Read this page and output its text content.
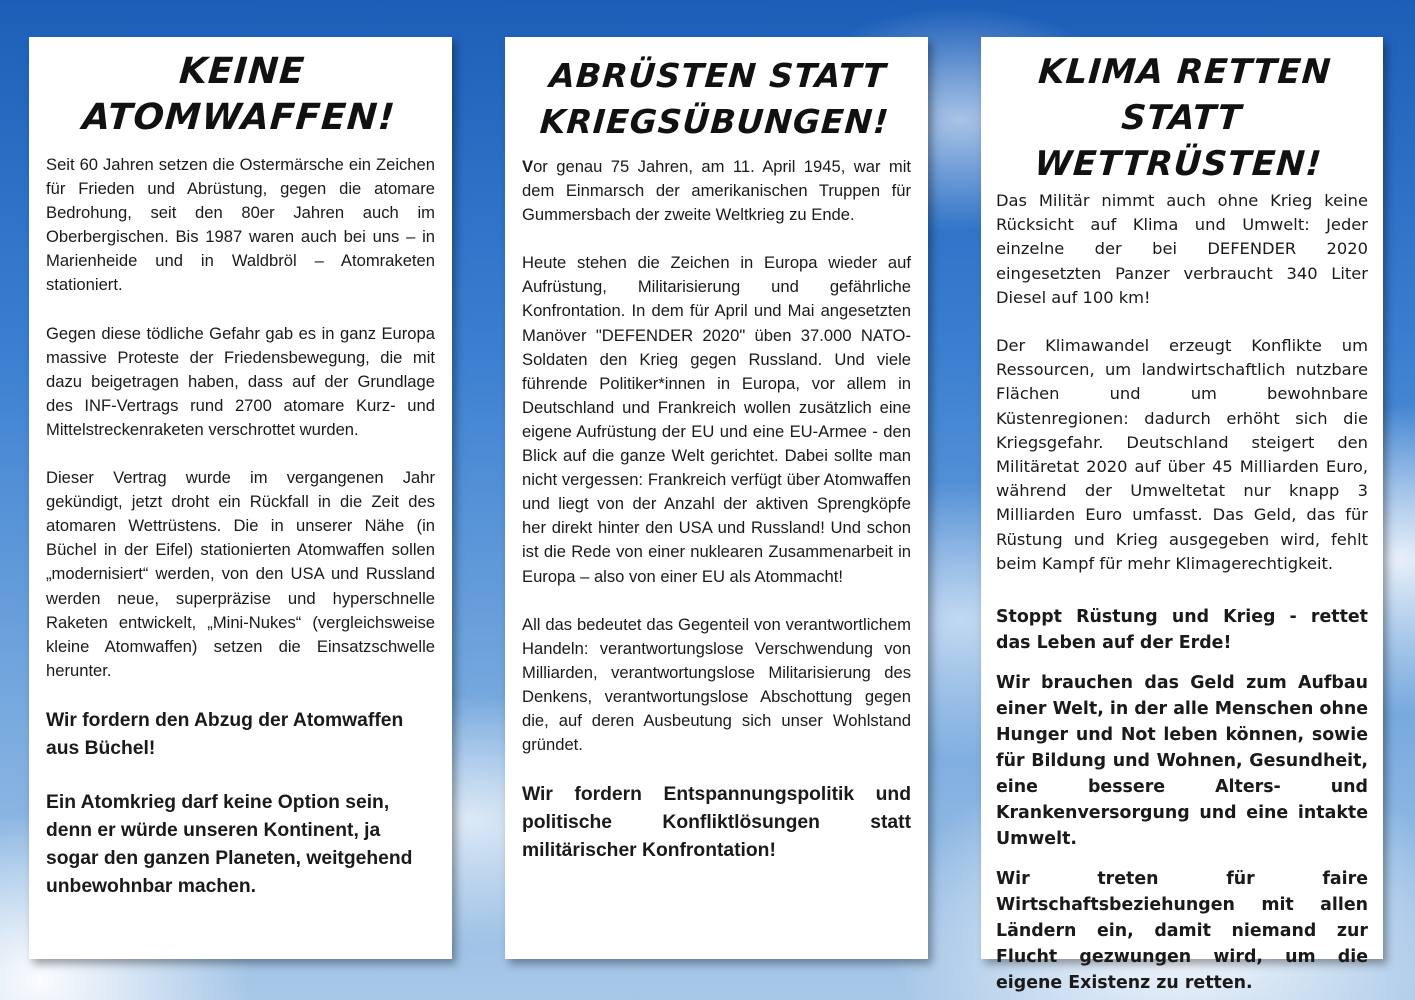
KEINE
ATOMWAFFEN!

Seit 60 Jahren setzen die Ostermärsche ein Zeichen für Frieden und Abrüstung, gegen die atomare Bedrohung, seit den 80er Jahren auch im Oberbergischen. Bis 1987 waren auch bei uns – in Marienheide und in Waldbröl – Atomraketen stationiert.

Gegen diese tödliche Gefahr gab es in ganz Europa massive Proteste der Friedensbewegung, die mit dazu beigetragen haben, dass auf der Grundlage des INF-Vertrags rund 2700 atomare Kurz- und Mittelstreckenraketen verschrottet wurden.

Dieser Vertrag wurde im vergangenen Jahr gekündigt, jetzt droht ein Rückfall in die Zeit des atomaren Wettrüstens. Die in unserer Nähe (in Büchel in der Eifel) stationierten Atomwaffen sollen „modernisiert“ werden, von den USA und Russland werden neue, superpräzise und hyperschnelle Raketen entwickelt, „Mini-Nukes“ (vergleichsweise kleine Atomwaffen) setzen die Einsatzschwelle herunter.

Wir fordern den Abzug der Atomwaffen aus Büchel!

Ein Atomkrieg darf keine Option sein, denn er würde unseren Kontinent, ja sogar den ganzen Planeten, weitgehend unbewohnbar machen.

ABRÜSTEN STATT
KRIEGSÜBUNGEN!

Vor genau 75 Jahren, am 11. April 1945, war mit dem Einmarsch der amerikanischen Truppen für Gummersbach der zweite Weltkrieg zu Ende.

Heute stehen die Zeichen in Europa wieder auf Aufrüstung, Militarisierung und gefährliche Konfrontation. In dem für April und Mai angesetzten Manöver "DEFENDER 2020" üben 37.000 NATO-Soldaten den Krieg gegen Russland. Und viele führende Politiker*innen in Europa, vor allem in Deutschland und Frankreich wollen zusätzlich eine eigene Aufrüstung der EU und eine EU-Armee - den Blick auf die ganze Welt gerichtet. Dabei sollte man nicht vergessen: Frankreich verfügt über Atomwaffen und liegt von der Anzahl der aktiven Sprengköpfe her direkt hinter den USA und Russland! Und schon ist die Rede von einer nuklearen Zusammenarbeit in Europa – also von einer EU als Atommacht!

All das bedeutet das Gegenteil von verantwortlichem Handeln: verantwortungslose Verschwendung von Milliarden, verantwortungslose Militarisierung des Denkens, verantwortungslose Abschottung gegen die, auf deren Ausbeutung sich unser Wohlstand gründet.

Wir fordern Entspannungspolitik und politische Konfliktlösungen statt militärischer Konfrontation!

KLIMA RETTEN
STATT
WETTRÜSTEN!

Das Militär nimmt auch ohne Krieg keine Rücksicht auf Klima und Umwelt: Jeder einzelne der bei DEFENDER 2020 eingesetzten Panzer verbraucht 340 Liter Diesel auf 100 km!

Der Klimawandel erzeugt Konflikte um Ressourcen, um landwirtschaftlich nutzbare Flächen und um bewohnbare Küstenregionen: dadurch erhöht sich die Kriegsgefahr. Deutschland steigert den Militäretat 2020 auf über 45 Milliarden Euro, während der Umweltetat nur knapp 3 Milliarden Euro umfasst. Das Geld, das für Rüstung und Krieg ausgegeben wird, fehlt beim Kampf für mehr Klimagerechtigkeit.

Stoppt Rüstung und Krieg - rettet das Leben auf der Erde!

Wir brauchen das Geld zum Aufbau einer Welt, in der alle Menschen ohne Hunger und Not leben können, sowie für Bildung und Wohnen, Gesundheit, eine bessere Alters- und Krankenversorgung und eine intakte Umwelt.

Wir treten für faire Wirtschaftsbeziehungen mit allen Ländern ein, damit niemand zur Flucht gezwungen wird, um die eigene Existenz zu retten.
